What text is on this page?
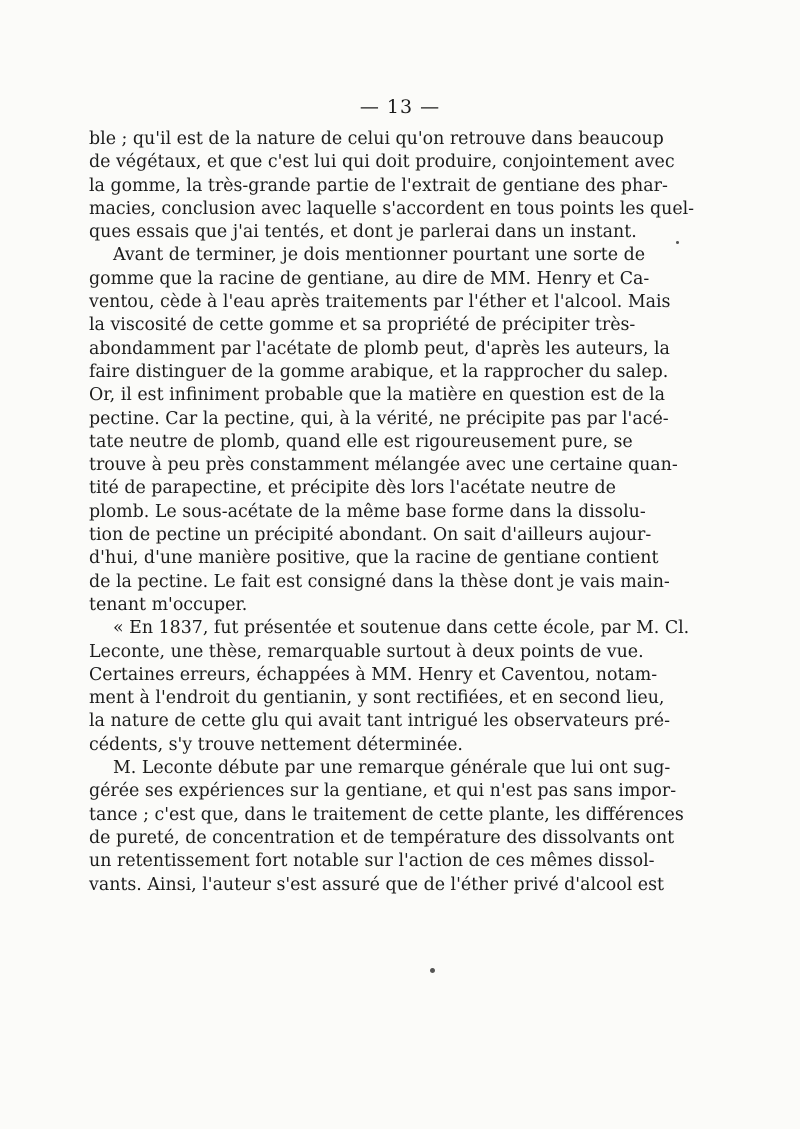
— 13 —
ble ; qu'il est de la nature de celui qu'on retrouve dans beaucoup
de végétaux, et que c'est lui qui doit produire, conjointement avec
la gomme, la très-grande partie de l'extrait de gentiane des phar-
macies, conclusion avec laquelle s'accordent en tous points les quel-
ques essais que j'ai tentés, et dont je parlerai dans un instant.
Avant de terminer, je dois mentionner pourtant une sorte de
gomme que la racine de gentiane, au dire de MM. Henry et Ca-
ventou, cède à l'eau après traitements par l'éther et l'alcool. Mais
la viscosité de cette gomme et sa propriété de précipiter très-
abondamment par l'acétate de plomb peut, d'après les auteurs, la
faire distinguer de la gomme arabique, et la rapprocher du salep.
Or, il est infiniment probable que la matière en question est de la
pectine. Car la pectine, qui, à la vérité, ne précipite pas par l'acé-
tate neutre de plomb, quand elle est rigoureusement pure, se
trouve à peu près constamment mélangée avec une certaine quan-
tité de parapectine, et précipite dès lors l'acétate neutre de
plomb. Le sous-acétate de la même base forme dans la dissolu-
tion de pectine un précipité abondant. On sait d'ailleurs aujour-
d'hui, d'une manière positive, que la racine de gentiane contient
de la pectine. Le fait est consigné dans la thèse dont je vais main-
tenant m'occuper.
« En 1837, fut présentée et soutenue dans cette école, par M. Cl.
Leconte, une thèse, remarquable surtout à deux points de vue.
Certaines erreurs, échappées à MM. Henry et Caventou, notam-
ment à l'endroit du gentianin, y sont rectifiées, et en second lieu,
la nature de cette glu qui avait tant intrigué les observateurs pré-
cédents, s'y trouve nettement déterminée.
M. Leconte débute par une remarque générale que lui ont sug-
gérée ses expériences sur la gentiane, et qui n'est pas sans impor-
tance ; c'est que, dans le traitement de cette plante, les différences
de pureté, de concentration et de température des dissolvants ont
un retentissement fort notable sur l'action de ces mêmes dissol-
vants. Ainsi, l'auteur s'est assuré que de l'éther privé d'alcool est
